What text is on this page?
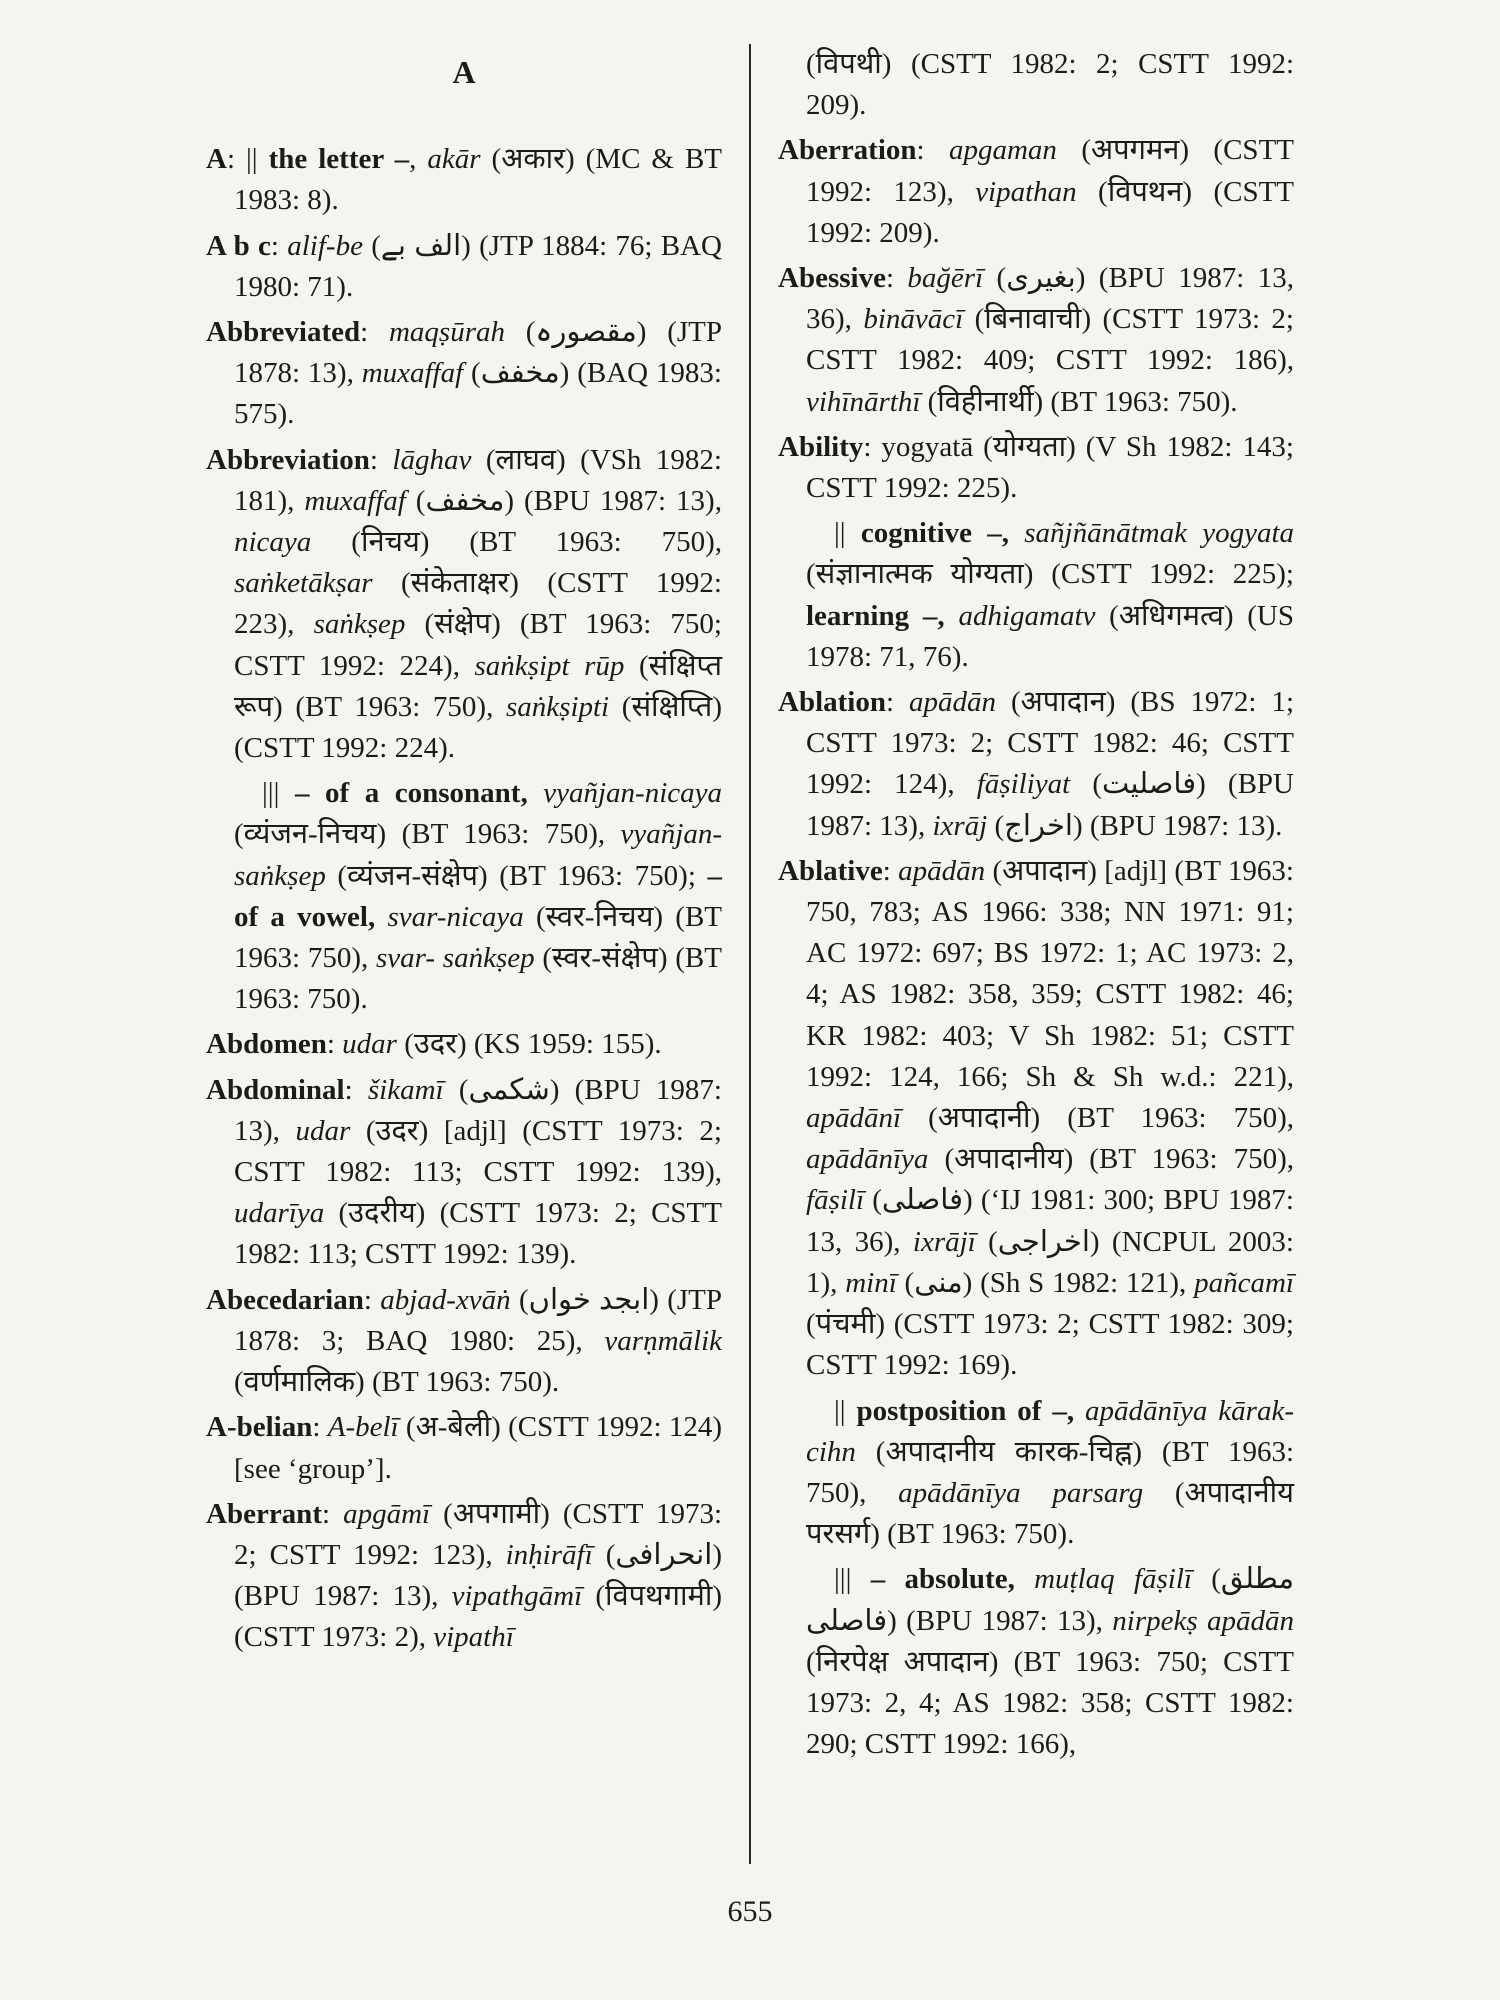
A
A: || the letter –, akār (अकार) (MC & BT 1983: 8).
A b c: alif-be (الف بے) (JTP 1884: 76; BAQ 1980: 71).
Abbreviated: maqṣūrah (مقصورہ) (JTP 1878: 13), muxaffaf (مخفف) (BAQ 1983: 575).
Abbreviation: lāghav (लाघव) (VSh 1982: 181), muxaffaf (مخفف) (BPU 1987: 13), nicaya (निचय) (BT 1963: 750), saṅketākṣar (संकेताक्षर) (CSTT 1992: 223), saṅkṣep (संक्षेप) (BT 1963: 750; CSTT 1992: 224), saṅkṣipt rūp (संक्षिप्त रूप) (BT 1963: 750), saṅkṣipti (संक्षिप्ति) (CSTT 1992: 224).
||| – of a consonant, vyañjan-nicaya (व्यंजन-निचय) (BT 1963: 750), vyañjan-saṅkṣep (व्यंजन-संक्षेप) (BT 1963: 750); – of a vowel, svar-nicaya (स्वर-निचय) (BT 1963: 750), svar- saṅkṣep (स्वर-संक्षेप) (BT 1963: 750).
Abdomen: udar (उदर) (KS 1959: 155).
Abdominal: šikamī (شکمی) (BPU 1987: 13), udar (उदर) [adjl] (CSTT 1973: 2; CSTT 1982: 113; CSTT 1992: 139), udarīya (उदरीय) (CSTT 1973: 2; CSTT 1982: 113; CSTT 1992: 139).
Abecedarian: abjad-xvāṅ (ابجد خواں) (JTP 1878: 3; BAQ 1980: 25), varṇmālik (वर्णमालिक) (BT 1963: 750).
A-belian: A-belī (अ-बेली) (CSTT 1992: 124) [see ‘group’].
Aberrant: apgāmī (अपगामी) (CSTT 1973: 2; CSTT 1992: 123), inḥirāfī (انحرافی) (BPU 1987: 13), vipathgāmī (विपथगामी) (CSTT 1973: 2), vipathī
(विपथी) (CSTT 1982: 2; CSTT 1992: 209).
Aberration: apgaman (अपगमन) (CSTT 1992: 123), vipathan (विपथन) (CSTT 1992: 209).
Abessive: bağērī (بغیری) (BPU 1987: 13, 36), bināvācī (बिनावाची) (CSTT 1973: 2; CSTT 1982: 409; CSTT 1992: 186), vihīnārthī (विहीनार्थी) (BT 1963: 750).
Ability: yogyatā (योग्यता) (V Sh 1982: 143; CSTT 1992: 225).
|| cognitive –, sañjñānātmak yogyata (संज्ञानात्मक योग्यता) (CSTT 1992: 225); learning –, adhigamatv (अधिगमत्व) (US 1978: 71, 76).
Ablation: apādān (अपादान) (BS 1972: 1; CSTT 1973: 2; CSTT 1982: 46; CSTT 1992: 124), fāṣiliyat (فاصلیت) (BPU 1987: 13), ixrāj (اخراج) (BPU 1987: 13).
Ablative: apādān (अपादान) [adjl] (BT 1963: 750, 783; AS 1966: 338; NN 1971: 91; AC 1972: 697; BS 1972: 1; AC 1973: 2, 4; AS 1982: 358, 359; CSTT 1982: 46; KR 1982: 403; V Sh 1982: 51; CSTT 1992: 124, 166; Sh & Sh w.d.: 221), apādānī (अपादानी) (BT 1963: 750), apādānīya (अपादानीय) (BT 1963: 750), fāṣilī (فاصلی) (‘IJ 1981: 300; BPU 1987: 13, 36), ixrājī (اخراجی) (NCPUL 2003: 1), minī (منی) (Sh S 1982: 121), pañcamī (पंचमी) (CSTT 1973: 2; CSTT 1982: 309; CSTT 1992: 169).
|| postposition of –, apādānīya kārak-cihn (अपादानीय कारक-चिह्न) (BT 1963: 750), apādānīya parsarg (अपादानीय परसर्ग) (BT 1963: 750).
||| – absolute, muṭlaq fāṣilī (مطلق فاصلی) (BPU 1987: 13), nirpekṣ apādān (निरपेक्ष अपादान) (BT 1963: 750; CSTT 1973: 2, 4; AS 1982: 358; CSTT 1982: 290; CSTT 1992: 166),
655
